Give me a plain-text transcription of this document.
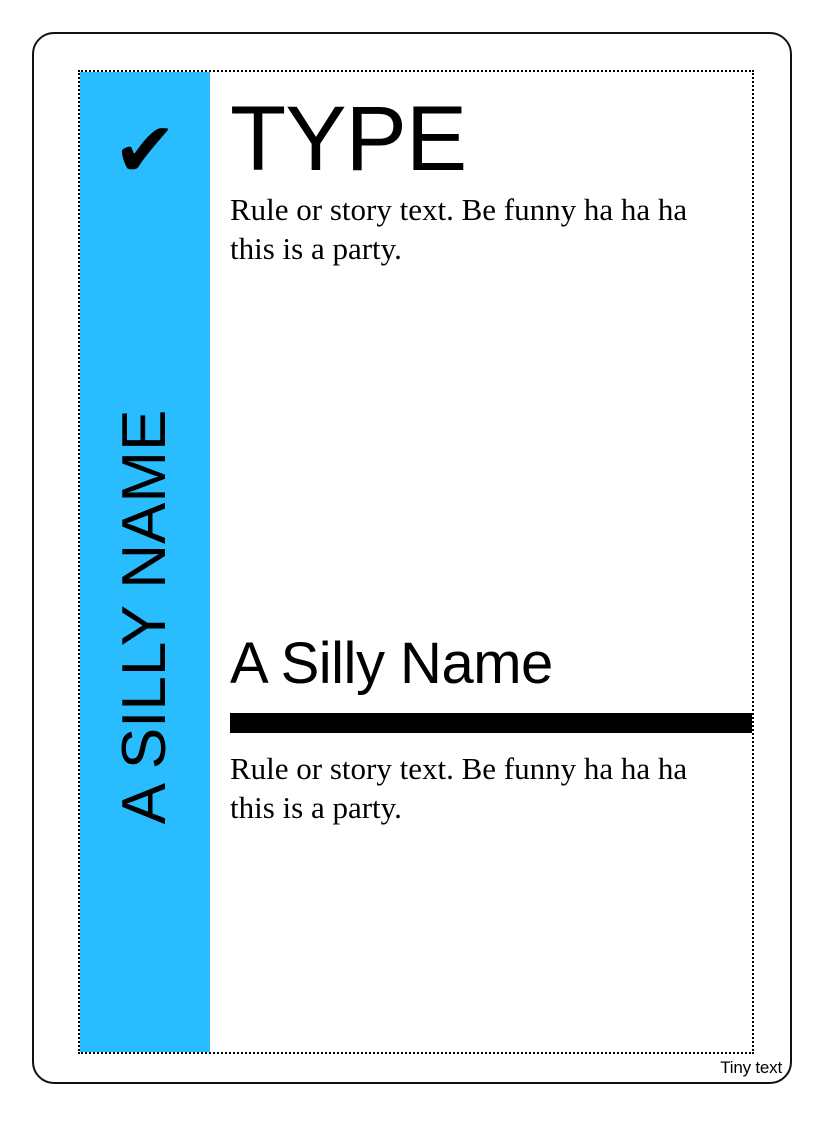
✔
A SILLY NAME
TYPE

Rule or story text. Be funny ha ha ha this is a party.

A Silly Name

Rule or story text. Be funny ha ha ha this is a party.

Tiny text
